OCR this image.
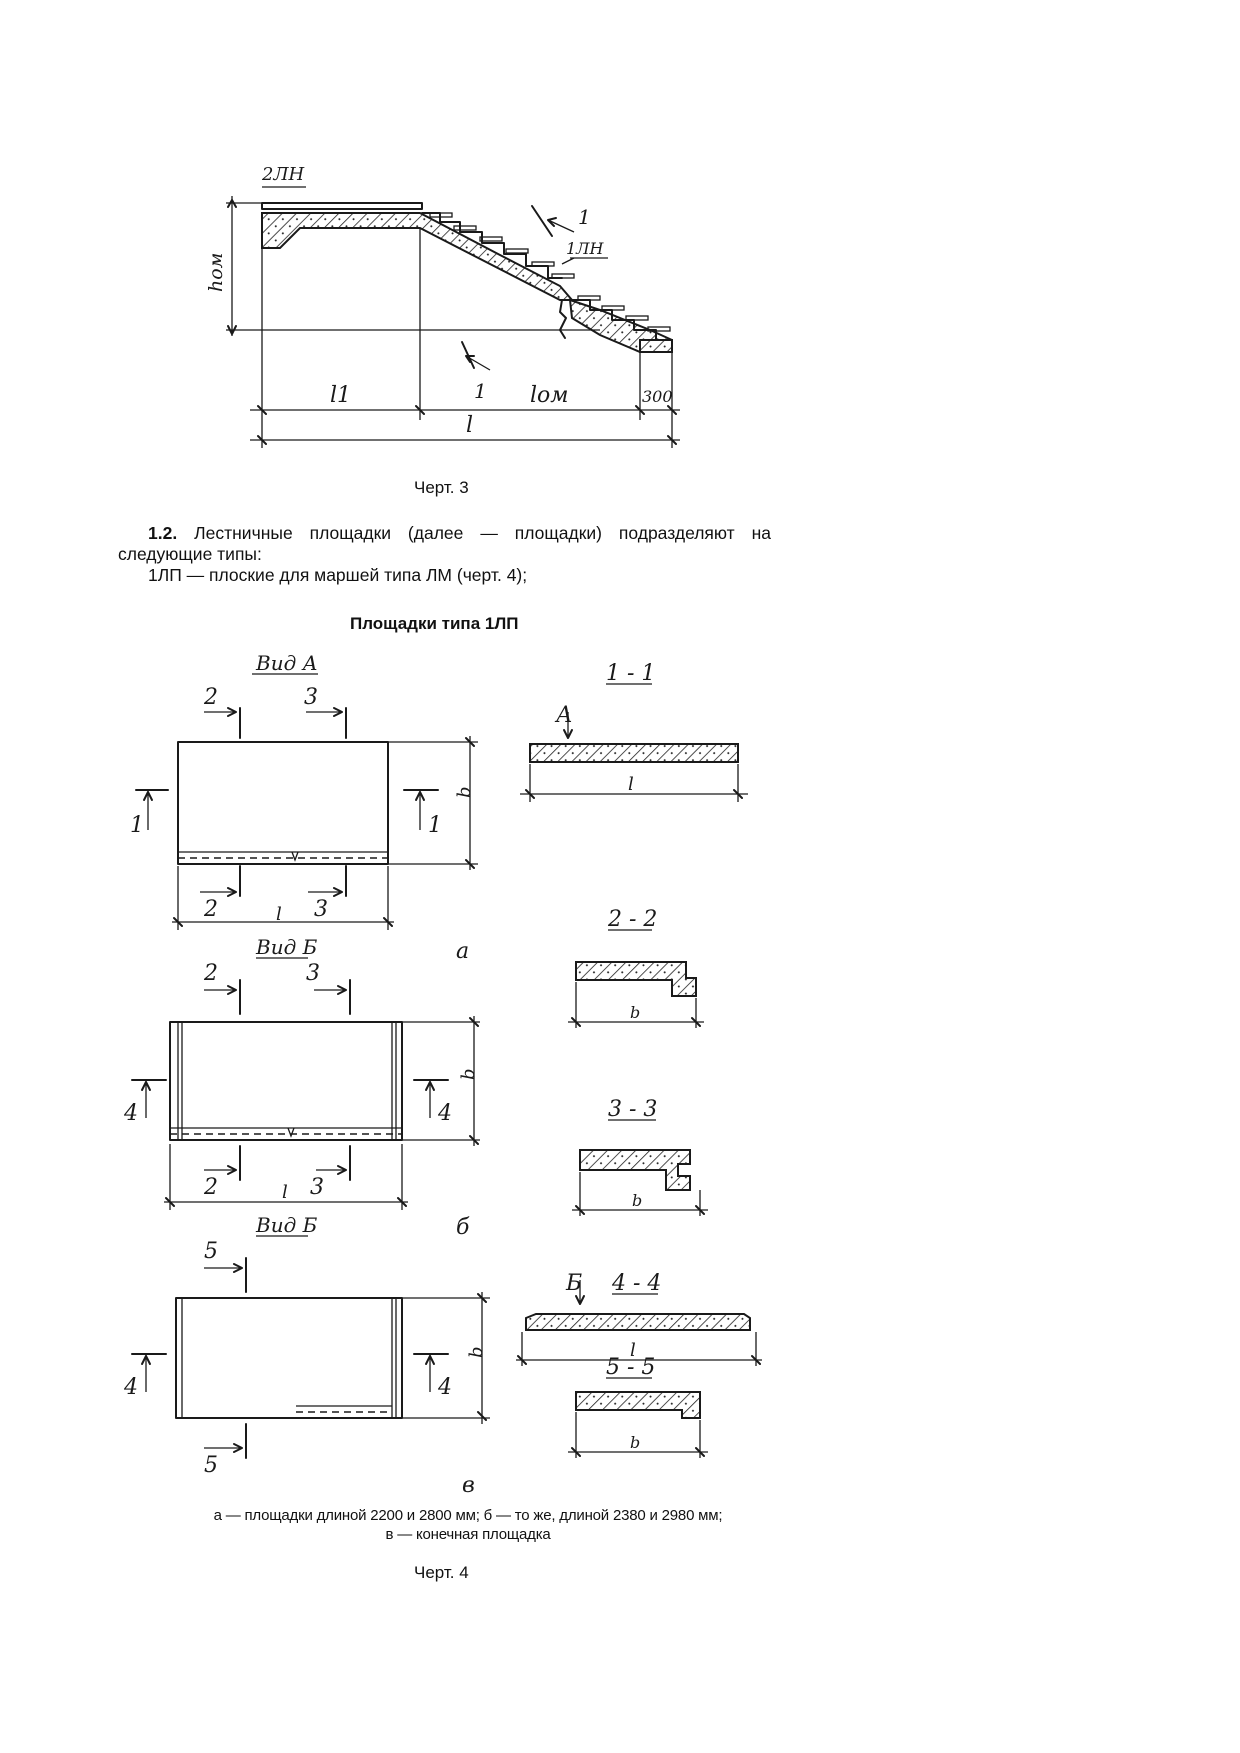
2ЛН
1
1ЛН
1
hом
l1	lом	300
l
Черт. 3
1.2. Лестничные площадки (далее — площадки) подразделяют на
следующие типы:
1ЛП — плоские для маршей типа ЛМ (черт. 4);
Площадки типа 1ЛП
Вид А
2	3
2	3
1	1
l
b
а
Вид Б
2	3
2	3
4	4
l
b
б
Вид Б
5
5
4	4
b
в
1 - 1
А
l
2 - 2
b
3 - 3
b
4 - 4
Б
l
5 - 5
b
а — площадки длиной 2200 и 2800 мм; б — то же, длиной 2380 и 2980 мм;
в — конечная площадка
Черт. 4
